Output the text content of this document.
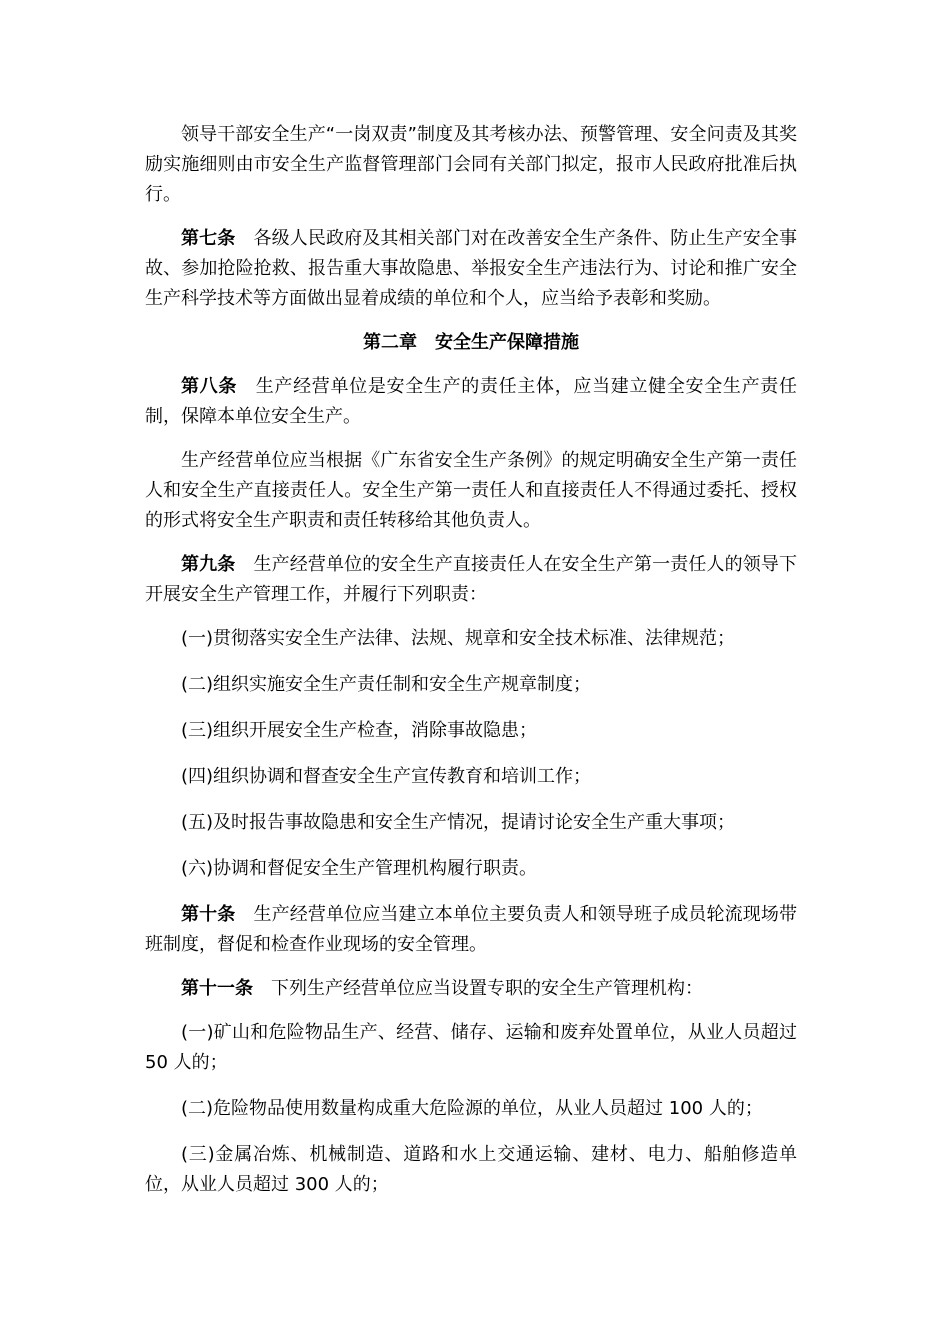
领导干部安全生产“一岗双责”制度及其考核办法、预警管理、安全问责及其奖励实施细则由市安全生产监督管理部门会同有关部门拟定，报市人民政府批准后执行。

第七条 各级人民政府及其相关部门对在改善安全生产条件、防止生产安全事故、参加抢险抢救、报告重大事故隐患、举报安全生产违法行为、讨论和推广安全生产科学技术等方面做出显着成绩的单位和个人，应当给予表彰和奖励。

第二章 安全生产保障措施

第八条 生产经营单位是安全生产的责任主体，应当建立健全安全生产责任制，保障本单位安全生产。

生产经营单位应当根据《广东省安全生产条例》的规定明确安全生产第一责任人和安全生产直接责任人。安全生产第一责任人和直接责任人不得通过委托、授权的形式将安全生产职责和责任转移给其他负责人。

第九条 生产经营单位的安全生产直接责任人在安全生产第一责任人的领导下开展安全生产管理工作，并履行下列职责：

(一)贯彻落实安全生产法律、法规、规章和安全技术标准、法律规范；

(二)组织实施安全生产责任制和安全生产规章制度；

(三)组织开展安全生产检查，消除事故隐患；

(四)组织协调和督查安全生产宣传教育和培训工作；

(五)及时报告事故隐患和安全生产情况，提请讨论安全生产重大事项；

(六)协调和督促安全生产管理机构履行职责。

第十条 生产经营单位应当建立本单位主要负责人和领导班子成员轮流现场带班制度，督促和检查作业现场的安全管理。

第十一条 下列生产经营单位应当设置专职的安全生产管理机构：

(一)矿山和危险物品生产、经营、储存、运输和废弃处置单位，从业人员超过 50 人的；

(二)危险物品使用数量构成重大危险源的单位，从业人员超过 100 人的；

(三)金属冶炼、机械制造、道路和水上交通运输、建材、电力、船舶修造单位，从业人员超过 300 人的；
